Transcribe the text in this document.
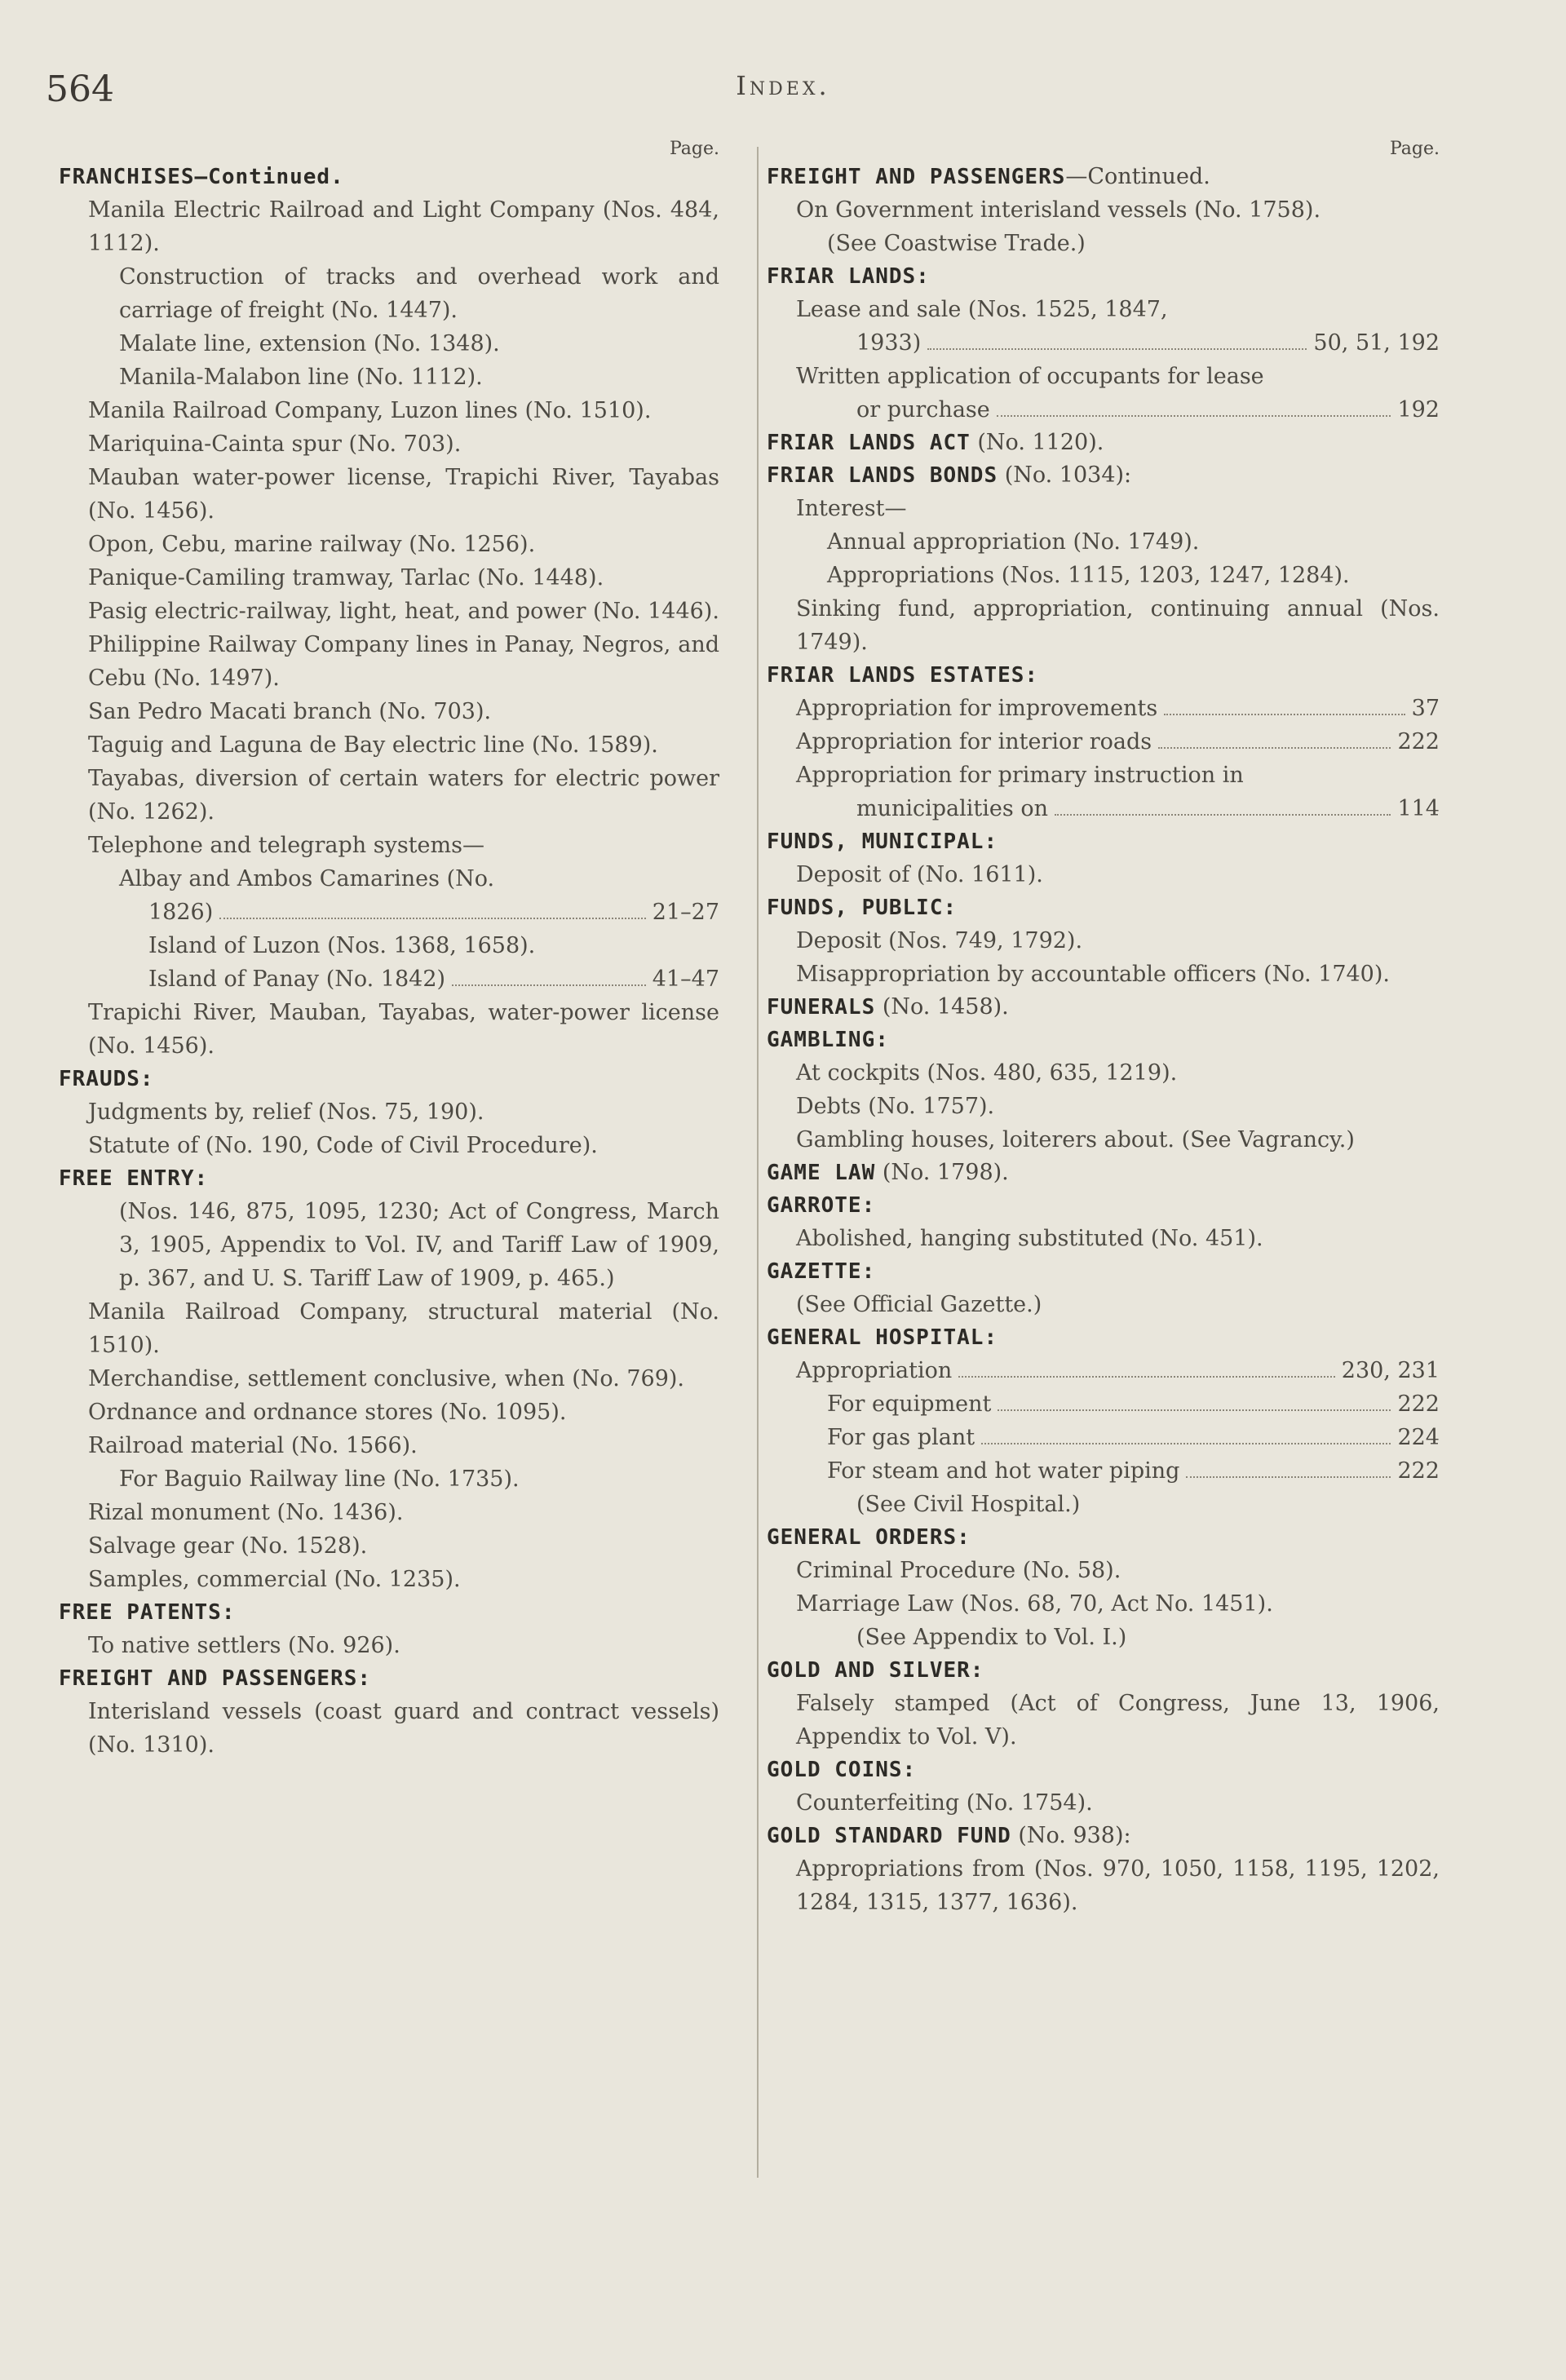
564	Index.
Page.
FRANCHISES—Continued.
Manila Electric Railroad and Light Company (Nos. 484, 1112).
Construction of tracks and overhead work and carriage of freight (No. 1447).
Malate line, extension (No. 1348).
Manila-Malabon line (No. 1112).
Manila Railroad Company, Luzon lines (No. 1510).
Mariquina-Cainta spur (No. 703).
Mauban water-power license, Trapichi River, Tayabas (No. 1456).
Opon, Cebu, marine railway (No. 1256).
Panique-Camiling tramway, Tarlac (No. 1448).
Pasig electric-railway, light, heat, and power (No. 1446).
Philippine Railway Company lines in Panay, Negros, and Cebu (No. 1497).
San Pedro Macati branch (No. 703).
Taguig and Laguna de Bay electric line (No. 1589).
Tayabas, diversion of certain waters for electric power (No. 1262).
Telephone and telegraph systems—
Albay and Ambos Camarines (No.
1826)	21–27
Island of Luzon (Nos. 1368, 1658).
Island of Panay (No. 1842)	41–47
Trapichi River, Mauban, Tayabas, water-power license (No. 1456).
FRAUDS:
Judgments by, relief (Nos. 75, 190).
Statute of (No. 190, Code of Civil Procedure).
FREE ENTRY:
(Nos. 146, 875, 1095, 1230; Act of Congress, March 3, 1905, Appendix to Vol. IV, and Tariff Law of 1909, p. 367, and U. S. Tariff Law of 1909, p. 465.)
Manila Railroad Company, structural material (No. 1510).
Merchandise, settlement conclusive, when (No. 769).
Ordnance and ordnance stores (No. 1095).
Railroad material (No. 1566).
For Baguio Railway line (No. 1735).
Rizal monument (No. 1436).
Salvage gear (No. 1528).
Samples, commercial (No. 1235).
FREE PATENTS:
To native settlers (No. 926).
FREIGHT AND PASSENGERS:
Interisland vessels (coast guard and contract vessels) (No. 1310).
Page.
FREIGHT AND PASSENGERS—Continued.
On Government interisland vessels (No. 1758).
(See Coastwise Trade.)
FRIAR LANDS:
Lease and sale (Nos. 1525, 1847,
1933)	50, 51, 192
Written application of occupants for lease
or purchase	192
FRIAR LANDS ACT (No. 1120).
FRIAR LANDS BONDS (No. 1034):
Interest—
Annual appropriation (No. 1749).
Appropriations (Nos. 1115, 1203, 1247, 1284).
Sinking fund, appropriation, continuing annual (Nos. 1749).
FRIAR LANDS ESTATES:
Appropriation for improvements	37
Appropriation for interior roads	222
Appropriation for primary instruction in
municipalities on	114
FUNDS, MUNICIPAL:
Deposit of (No. 1611).
FUNDS, PUBLIC:
Deposit (Nos. 749, 1792).
Misappropriation by accountable officers (No. 1740).
FUNERALS (No. 1458).
GAMBLING:
At cockpits (Nos. 480, 635, 1219).
Debts (No. 1757).
Gambling houses, loiterers about. (See Vagrancy.)
GAME LAW (No. 1798).
GARROTE:
Abolished, hanging substituted (No. 451).
GAZETTE:
(See Official Gazette.)
GENERAL HOSPITAL:
Appropriation	230, 231
For equipment	222
For gas plant	224
For steam and hot water piping	222
(See Civil Hospital.)
GENERAL ORDERS:
Criminal Procedure (No. 58).
Marriage Law (Nos. 68, 70, Act No. 1451).
(See Appendix to Vol. I.)
GOLD AND SILVER:
Falsely stamped (Act of Congress, June 13, 1906, Appendix to Vol. V).
GOLD COINS:
Counterfeiting (No. 1754).
GOLD STANDARD FUND (No. 938):
Appropriations from (Nos. 970, 1050, 1158, 1195, 1202, 1284, 1315, 1377, 1636).
